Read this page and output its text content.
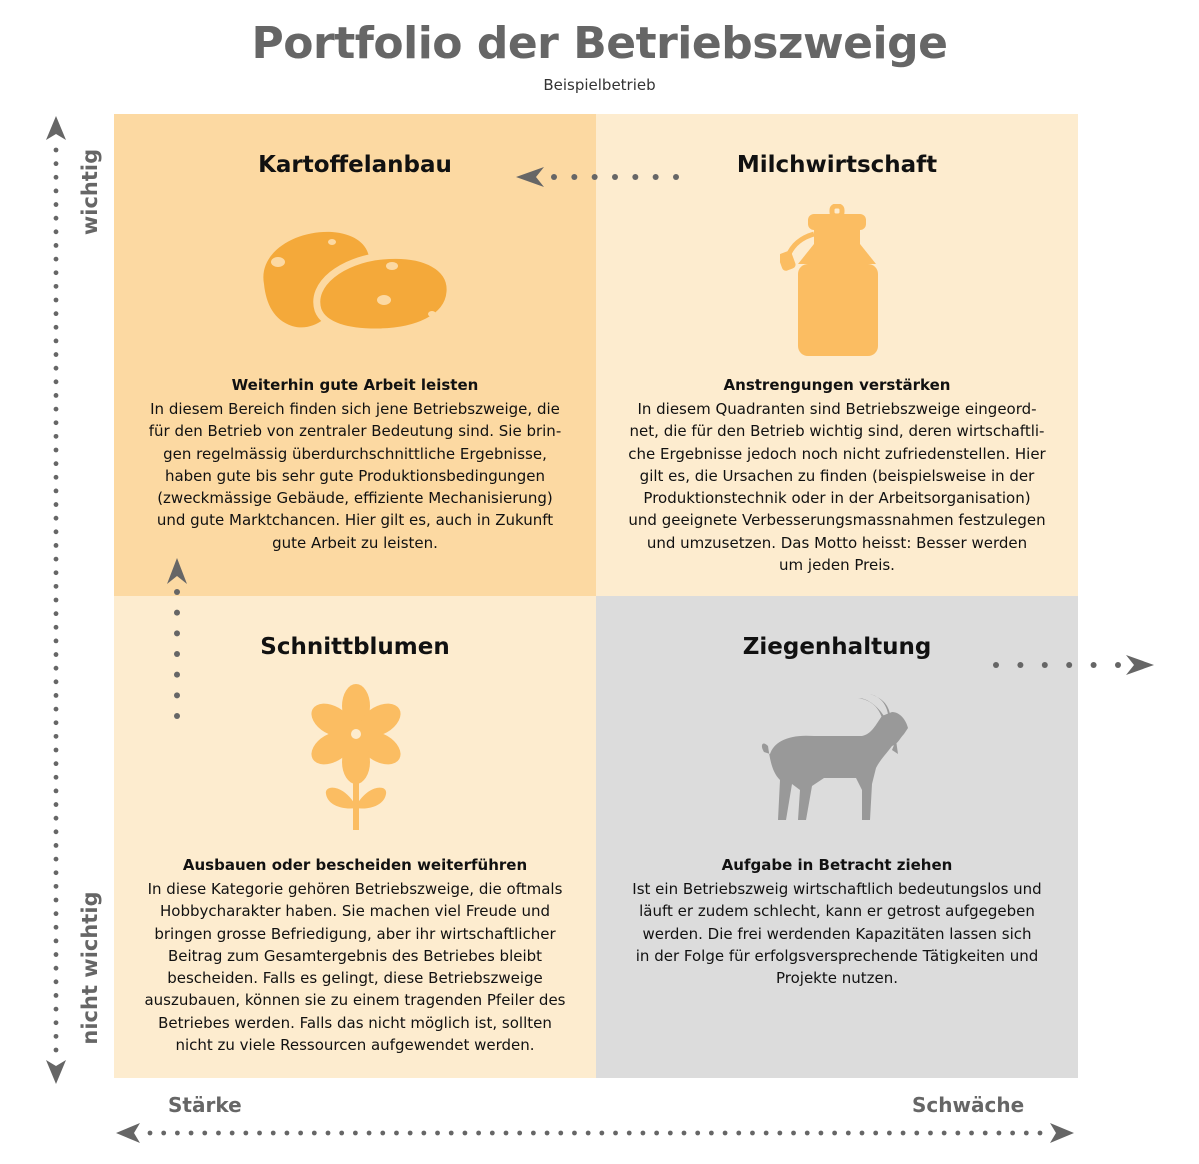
Portfolio der Betriebszweige
Beispielbetrieb
Kartoffelanbau
Weiterhin gute Arbeit leisten
In diesem Bereich finden sich jene Betriebszweige, die
für den Betrieb von zentraler Bedeutung sind. Sie brin-
gen regelmässig überdurchschnittliche Ergebnisse,
haben gute bis sehr gute Produktionsbedingungen
(zweckmässige Gebäude, effiziente Mechanisierung)
und gute Marktchancen. Hier gilt es, auch in Zukunft
gute Arbeit zu leisten.
Milchwirtschaft
Anstrengungen verstärken
In diesem Quadranten sind Betriebszweige eingeord-
net, die für den Betrieb wichtig sind, deren wirtschaftli-
che Ergebnisse jedoch noch nicht zufriedenstellen. Hier
gilt es, die Ursachen zu finden (beispielsweise in der
Produktionstechnik oder in der Arbeitsorganisation)
und geeignete Verbesserungsmassnahmen festzulegen
und umzusetzen. Das Motto heisst: Besser werden
um jeden Preis.
Schnittblumen
Ausbauen oder bescheiden weiterführen
In diese Kategorie gehören Betriebszweige, die oftmals
Hobbycharakter haben. Sie machen viel Freude und
bringen grosse Befriedigung, aber ihr wirtschaftlicher
Beitrag zum Gesamtergebnis des Betriebes bleibt
bescheiden. Falls es gelingt, diese Betriebszweige
auszubauen, können sie zu einem tragenden Pfeiler des
Betriebes werden. Falls das nicht möglich ist, sollten
nicht zu viele Ressourcen aufgewendet werden.
Ziegenhaltung
Aufgabe in Betracht ziehen
Ist ein Betriebszweig wirtschaftlich bedeutungslos und
läuft er zudem schlecht, kann er getrost aufgegeben
werden. Die frei werdenden Kapazitäten lassen sich
in der Folge für erfolgsversprechende Tätigkeiten und
Projekte nutzen.
wichtig
nicht wichtig
Stärke	Schwäche
